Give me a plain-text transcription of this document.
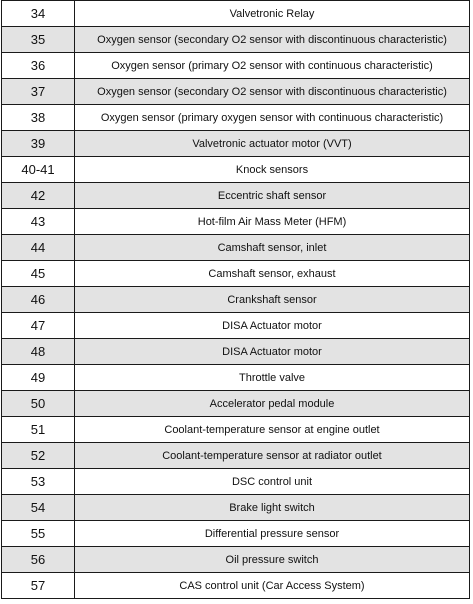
34	Valvetronic Relay
35	Oxygen sensor (secondary O2 sensor with discontinuous characteristic)
36	Oxygen sensor (primary O2 sensor with continuous characteristic)
37	Oxygen sensor (secondary O2 sensor with discontinuous characteristic)
38	Oxygen sensor (primary oxygen sensor with continuous characteristic)
39	Valvetronic actuator motor (VVT)
40-41	Knock sensors
42	Eccentric shaft sensor
43	Hot-film Air Mass Meter (HFM)
44	Camshaft sensor, inlet
45	Camshaft sensor, exhaust
46	Crankshaft sensor
47	DISA Actuator motor
48	DISA Actuator motor
49	Throttle valve
50	Accelerator pedal module
51	Coolant-temperature sensor at engine outlet
52	Coolant-temperature sensor at radiator outlet
53	DSC control unit
54	Brake light switch
55	Differential pressure sensor
56	Oil pressure switch
57	CAS control unit (Car Access System)
